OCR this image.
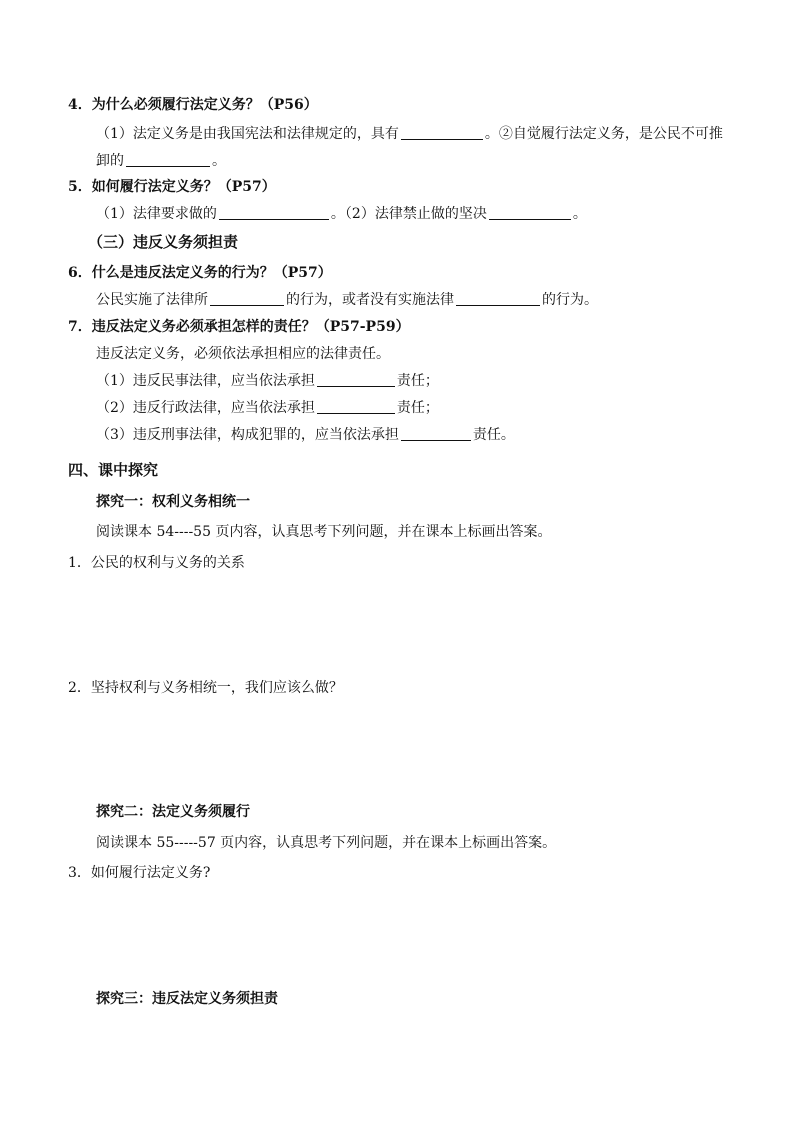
4．为什么必须履行法定义务？（P56）
（1）法定义务是由我国宪法和法律规定的，具有	。②自觉履行法定义务，是公民不可推
卸的	。
5．如何履行法定义务？（P57）
（1）法律要求做的	。（2）法律禁止做的坚决	。
（三）违反义务须担责
6．什么是违反法定义务的行为？（P57）
公民实施了法律所	的行为，或者没有实施法律	的行为。
7．违反法定义务必须承担怎样的责任？（P57-P59）
违反法定义务，必须依法承担相应的法律责任。
（1）违反民事法律，应当依法承担	责任；
（2）违反行政法律，应当依法承担	责任；
（3）违反刑事法律，构成犯罪的，应当依法承担	责任。
四、课中探究
探究一：权利义务相统一
阅读课本 54----55 页内容，认真思考下列问题，并在课本上标画出答案。
1．公民的权利与义务的关系
2．坚持权利与义务相统一，我们应该么做？
探究二：法定义务须履行
阅读课本 55-----57 页内容，认真思考下列问题，并在课本上标画出答案。
3．如何履行法定义务?
探究三：违反法定义务须担责
